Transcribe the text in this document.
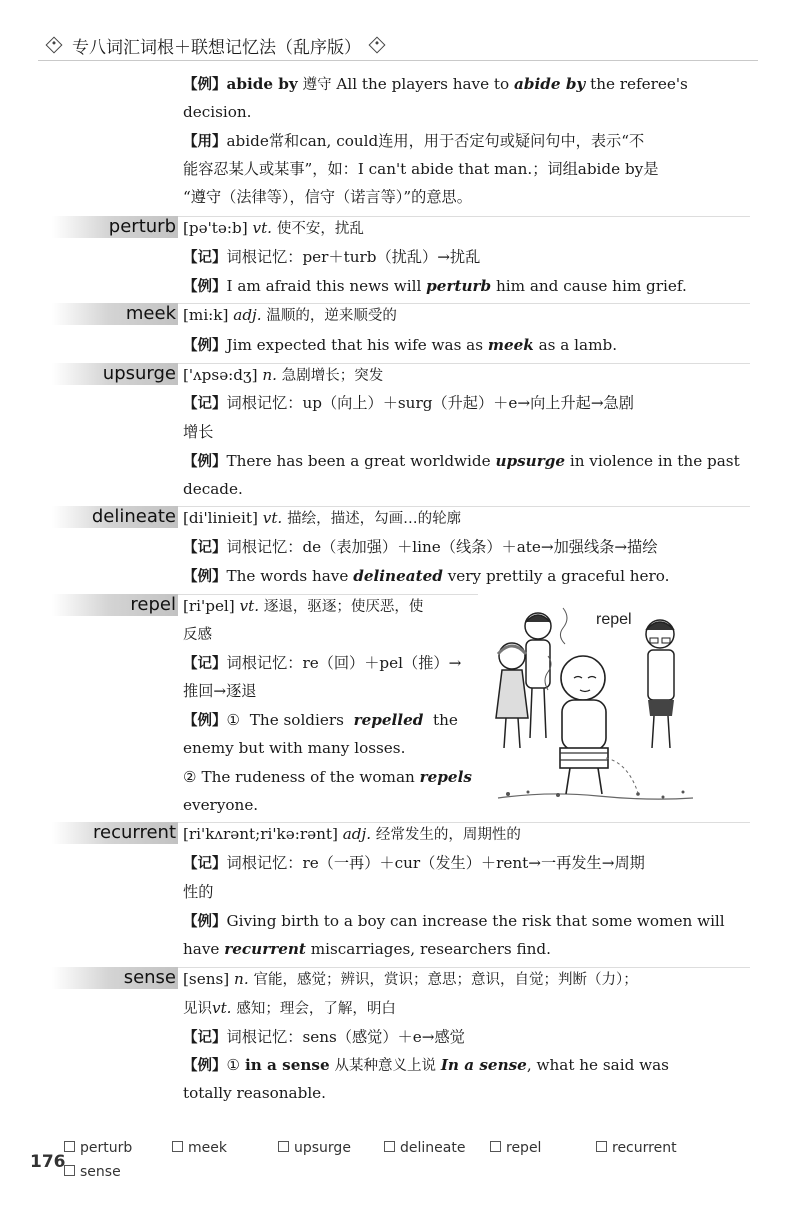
专八词汇词根＋联想记忆法（乱序版）
【例】abide by 遵守 All the players have to abide by the referee's
decision.
【用】abide常和can, could连用，用于否定句或疑问句中，表示“不
能容忍某人或某事”，如：I can't abide that man.；词组abide by是
“遵守（法律等），信守（诺言等）”的意思。
perturb [pə'tə:b] vt. 使不安，扰乱
【记】词根记忆：per＋turb（扰乱）→扰乱
【例】I am afraid this news will perturb him and cause him grief.
meek [mi:k] adj. 温顺的，逆来顺受的
【例】Jim expected that his wife was as meek as a lamb.
upsurge ['ʌpsə:dʒ] n. 急剧增长；突发
【记】词根记忆：up（向上）＋surg（升起）＋e→向上升起→急剧
增长
【例】There has been a great worldwide upsurge in violence in the past
decade.
delineate [di'linieit] vt. 描绘，描述，勾画…的轮廓
【记】词根记忆：de（表加强）＋line（线条）＋ate→加强线条→描绘
【例】The words have delineated very prettily a graceful hero.
repel [ri'pel] vt. 逐退，驱逐；使厌恶，使
反感
【记】词根记忆：re（回）＋pel（推）→
推回→逐退
【例】① The soldiers repelled the
enemy but with many losses.
② The rudeness of the woman repels
everyone.
repel
recurrent [ri'kʌrənt;ri'kə:rənt] adj. 经常发生的，周期性的
【记】词根记忆：re（一再）＋cur（发生）＋rent→一再发生→周期
性的
【例】Giving birth to a boy can increase the risk that some women will
have recurrent miscarriages, researchers find.
sense [sens] n. 官能，感觉；辨识，赏识；意思；意识，自觉；判断（力）；
见识vt. 感知；理会，了解，明白
【记】词根记忆：sens（感觉）＋e→感觉
【例】① in a sense 从某种意义上说 In a sense, what he said was
totally reasonable.
176
perturb	meek	upsurge	delineate	repel	recurrent
sense
